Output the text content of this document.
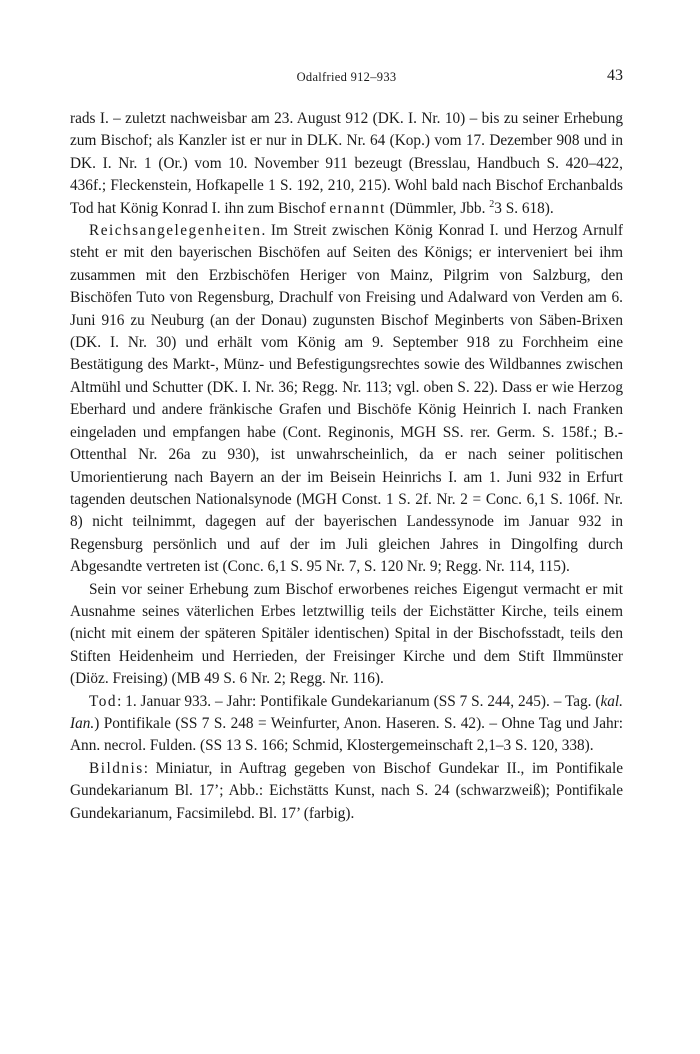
Odalfried 912–933	43

rads I. – zuletzt nachweisbar am 23. August 912 (DK. I. Nr. 10) – bis zu seiner Erhebung zum Bischof; als Kanzler ist er nur in DLK. Nr. 64 (Kop.) vom 17. Dezember 908 und in DK. I. Nr. 1 (Or.) vom 10. November 911 bezeugt (Bresslau, Handbuch S. 420–422, 436f.; Fleckenstein, Hofkapelle 1 S. 192, 210, 215). Wohl bald nach Bischof Erchanbalds Tod hat König Konrad I. ihn zum Bischof ernannt (Dümmler, Jbb. $^2$3 S. 618).

Reichsangelegenheiten. Im Streit zwischen König Konrad I. und Herzog Arnulf steht er mit den bayerischen Bischöfen auf Seiten des Königs; er interveniert bei ihm zusammen mit den Erzbischöfen Heriger von Mainz, Pilgrim von Salzburg, den Bischöfen Tuto von Regensburg, Drachulf von Freising und Adalward von Verden am 6. Juni 916 zu Neuburg (an der Donau) zugunsten Bischof Meginberts von Säben-Brixen (DK. I. Nr. 30) und erhält vom König am 9. September 918 zu Forchheim eine Bestätigung des Markt-, Münz- und Befestigungsrechtes sowie des Wildbannes zwischen Altmühl und Schutter (DK. I. Nr. 36; Regg. Nr. 113; vgl. oben S. 22). Dass er wie Herzog Eberhard und andere fränkische Grafen und Bischöfe König Heinrich I. nach Franken eingeladen und empfangen habe (Cont. Reginonis, MGH SS. rer. Germ. S. 158f.; B.-Ottenthal Nr. 26a zu 930), ist unwahrscheinlich, da er nach seiner politischen Umorientierung nach Bayern an der im Beisein Heinrichs I. am 1. Juni 932 in Erfurt tagenden deutschen Nationalsynode (MGH Const. 1 S. 2f. Nr. 2 = Conc. 6,1 S. 106f. Nr. 8) nicht teilnimmt, dagegen auf der bayerischen Landessynode im Januar 932 in Regensburg persönlich und auf der im Juli gleichen Jahres in Dingolfing durch Abgesandte vertreten ist (Conc. 6,1 S. 95 Nr. 7, S. 120 Nr. 9; Regg. Nr. 114, 115).

Sein vor seiner Erhebung zum Bischof erworbenes reiches Eigengut vermacht er mit Ausnahme seines väterlichen Erbes letztwillig teils der Eichstätter Kirche, teils einem (nicht mit einem der späteren Spitäler identischen) Spital in der Bischofsstadt, teils den Stiften Heidenheim und Herrieden, der Freisinger Kirche und dem Stift Ilmmünster (Diöz. Freising) (MB 49 S. 6 Nr. 2; Regg. Nr. 116).

Tod: 1. Januar 933. – Jahr: Pontifikale Gundekarianum (SS 7 S. 244, 245). – Tag. (kal. Ian.) Pontifikale (SS 7 S. 248 = Weinfurter, Anon. Haseren. S. 42). – Ohne Tag und Jahr: Ann. necrol. Fulden. (SS 13 S. 166; Schmid, Klostergemeinschaft 2,1–3 S. 120, 338).

Bildnis: Miniatur, in Auftrag gegeben von Bischof Gundekar II., im Pontifikale Gundekarianum Bl. 17’; Abb.: Eichstätts Kunst, nach S. 24 (schwarzweiß); Pontifikale Gundekarianum, Facsimilebd. Bl. 17’ (farbig).
